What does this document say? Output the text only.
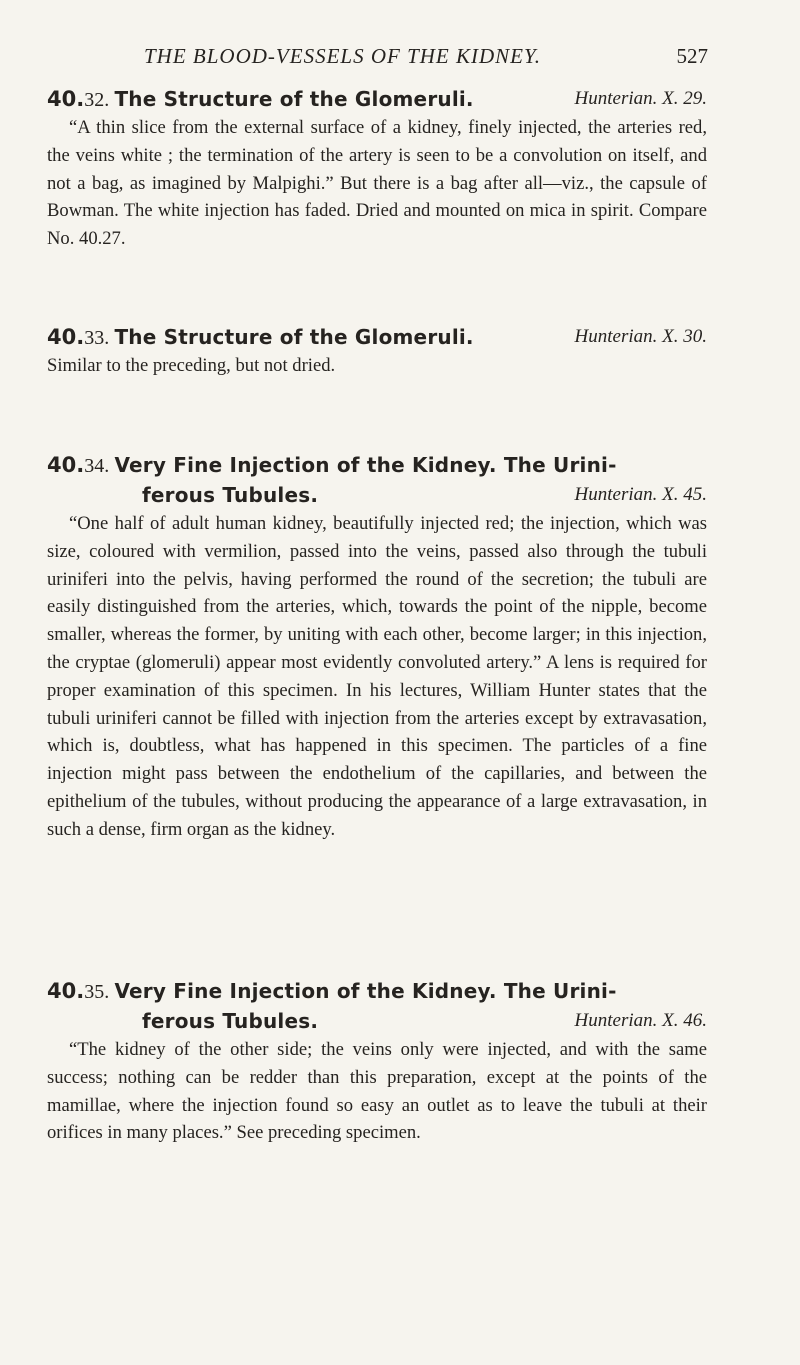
THE BLOOD-VESSELS OF THE KIDNEY.	527
40.32. The Structure of the Glomeruli.	Hunterian. X. 29.

“A thin slice from the external surface of a kidney, finely injected, the arteries red, the veins white ; the termination of the artery is seen to be a convolution on itself, and not a bag, as imagined by Malpighi.” But there is a bag after all—viz., the capsule of Bowman. The white injection has faded. Dried and mounted on mica in spirit. Compare No. 40.27.

40.33. The Structure of the Glomeruli.	Hunterian. X. 30.

Similar to the preceding, but not dried.

40.34. Very Fine Injection of the Kidney. The Urini-
ferous Tubules.	Hunterian. X. 45.

“One half of adult human kidney, beautifully injected red; the injection, which was size, coloured with vermilion, passed into the veins, passed also through the tubuli uriniferi into the pelvis, having performed the round of the secretion; the tubuli are easily distinguished from the arteries, which, towards the point of the nipple, become smaller, whereas the former, by uniting with each other, become larger; in this injection, the cryptae (glomeruli) appear most evidently convoluted artery.” A lens is required for proper examination of this specimen. In his lectures, William Hunter states that the tubuli uriniferi cannot be filled with injection from the arteries except by extravasation, which is, doubtless, what has happened in this specimen. The particles of a fine injection might pass between the endothelium of the capillaries, and between the epithelium of the tubules, without producing the appearance of a large extravasation, in such a dense, firm organ as the kidney.

40.35. Very Fine Injection of the Kidney. The Urini-
ferous Tubules.	Hunterian. X. 46.

“The kidney of the other side; the veins only were injected, and with the same success; nothing can be redder than this preparation, except at the points of the mamillae, where the injection found so easy an outlet as to leave the tubuli at their orifices in many places.” See preceding specimen.
